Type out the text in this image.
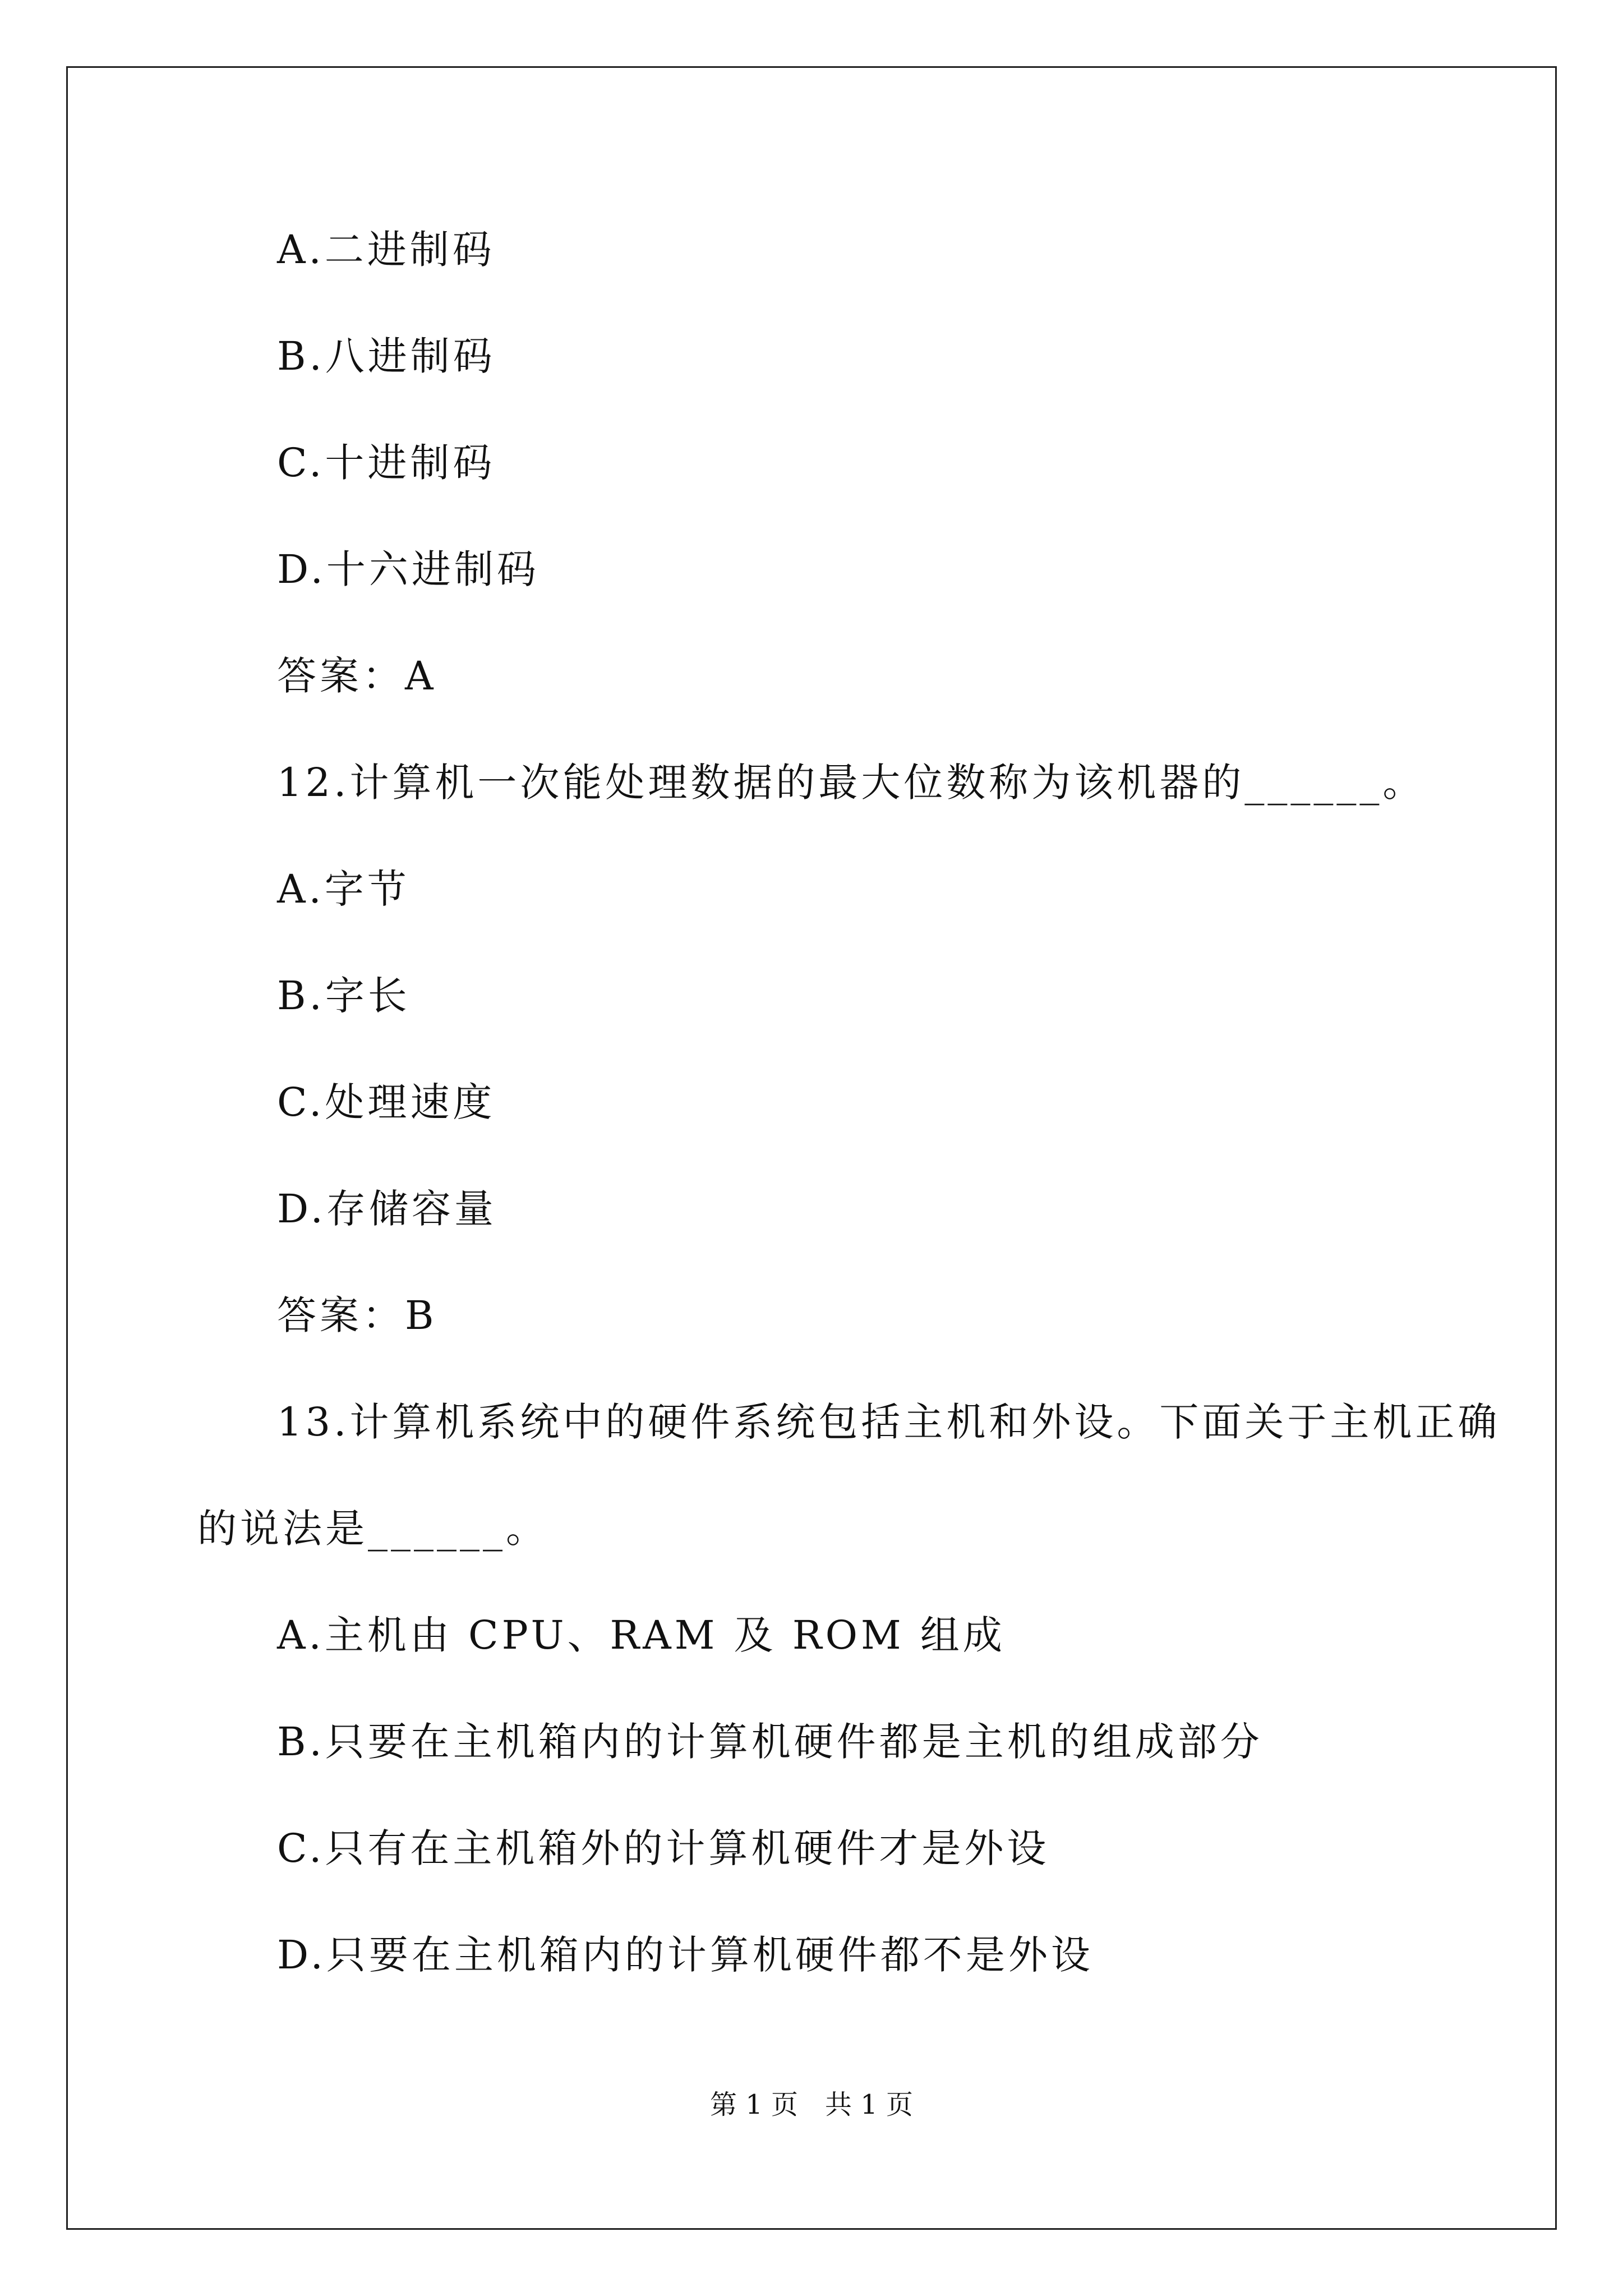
A.二进制码
B.八进制码
C.十进制码
D.十六进制码
答案：A
12.计算机一次能处理数据的最大位数称为该机器的______。
A.字节
B.字长
C.处理速度
D.存储容量
答案：B
13.计算机系统中的硬件系统包括主机和外设。下面关于主机正确
的说法是______。
A.主机由 CPU、RAM 及 ROM 组成
B.只要在主机箱内的计算机硬件都是主机的组成部分
C.只有在主机箱外的计算机硬件才是外设
D.只要在主机箱内的计算机硬件都不是外设
第 1 页 共 1 页
